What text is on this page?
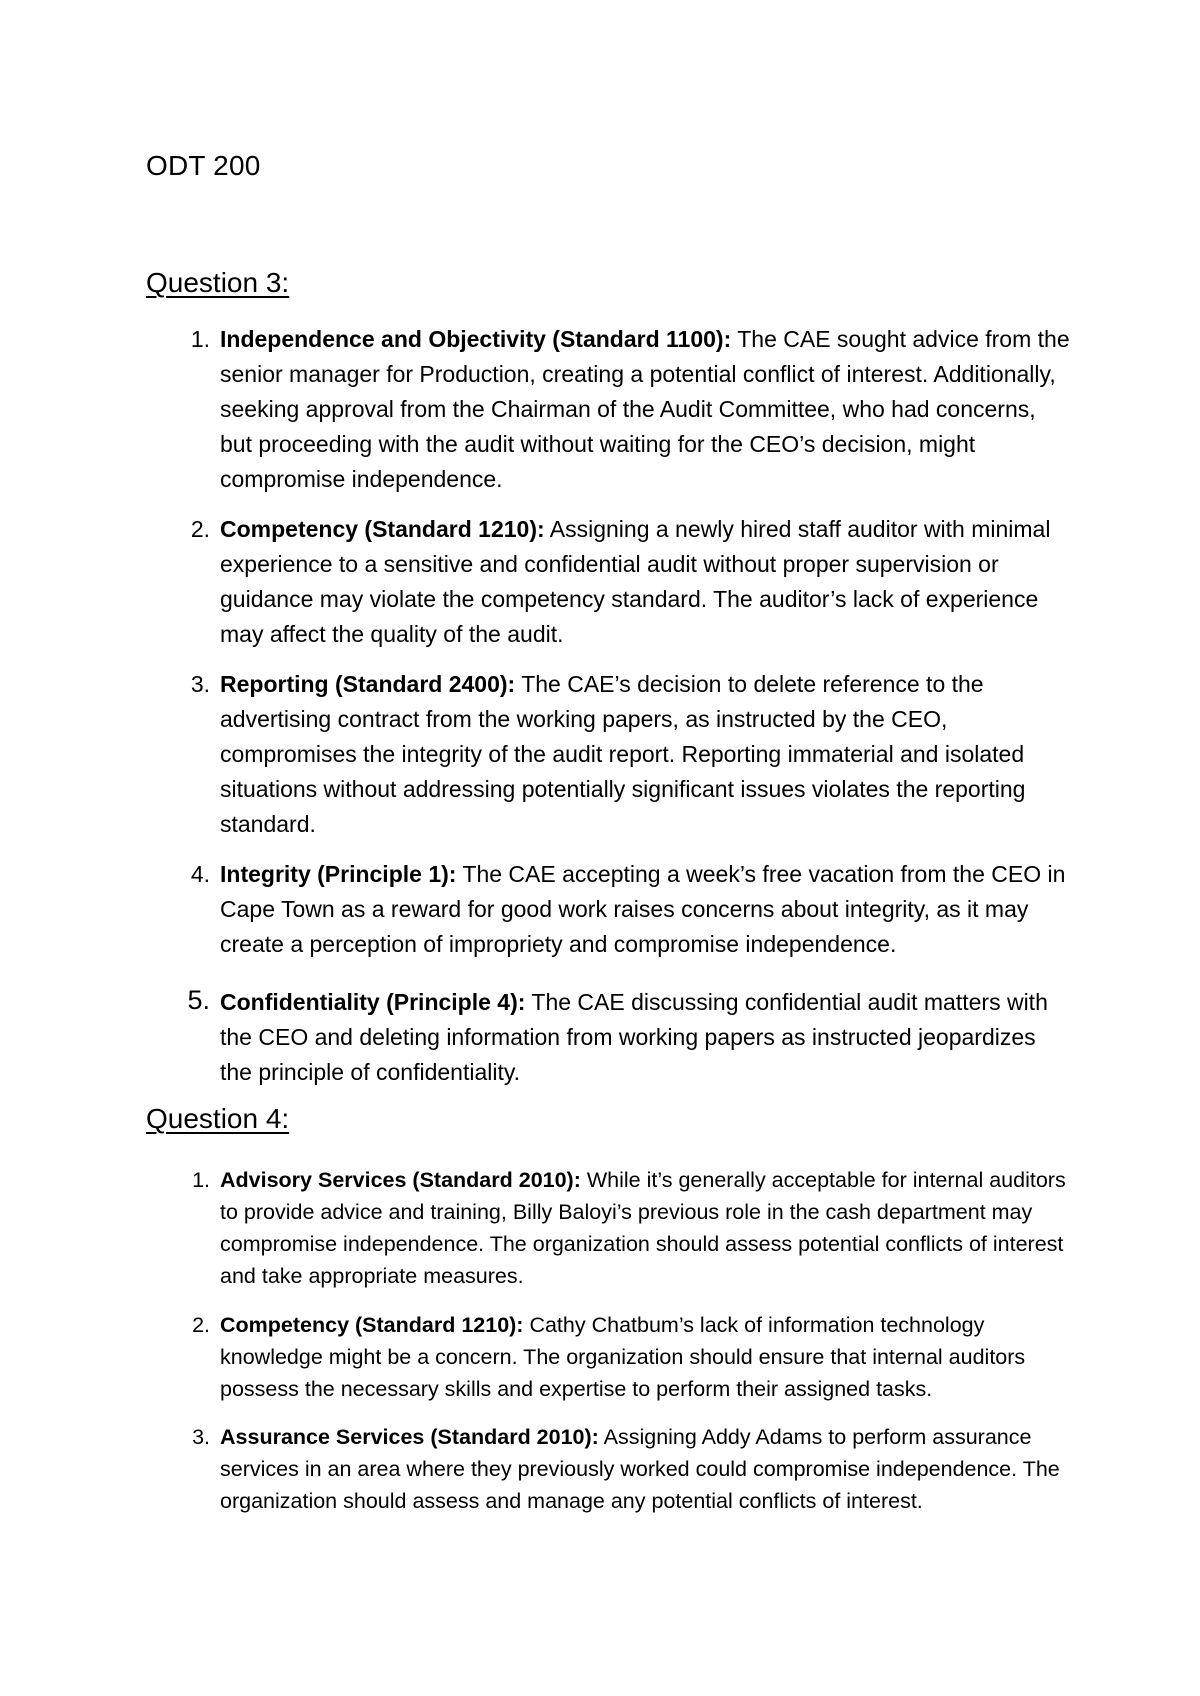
ODT 200
Question 3:
1. Independence and Objectivity (Standard 1100): The CAE sought advice from the senior manager for Production, creating a potential conflict of interest. Additionally, seeking approval from the Chairman of the Audit Committee, who had concerns, but proceeding with the audit without waiting for the CEO’s decision, might compromise independence.

2. Competency (Standard 1210): Assigning a newly hired staff auditor with minimal experience to a sensitive and confidential audit without proper supervision or guidance may violate the competency standard. The auditor’s lack of experience may affect the quality of the audit.

3. Reporting (Standard 2400): The CAE’s decision to delete reference to the advertising contract from the working papers, as instructed by the CEO, compromises the integrity of the audit report. Reporting immaterial and isolated situations without addressing potentially significant issues violates the reporting standard.

4. Integrity (Principle 1): The CAE accepting a week’s free vacation from the CEO in Cape Town as a reward for good work raises concerns about integrity, as it may create a perception of impropriety and compromise independence.

5. Confidentiality (Principle 4): The CAE discussing confidential audit matters with the CEO and deleting information from working papers as instructed jeopardizes the principle of confidentiality.

Question 4:
1. Advisory Services (Standard 2010): While it’s generally acceptable for internal auditors to provide advice and training, Billy Baloyi’s previous role in the cash department may compromise independence. The organization should assess potential conflicts of interest and take appropriate measures.

2. Competency (Standard 1210): Cathy Chatbum’s lack of information technology knowledge might be a concern. The organization should ensure that internal auditors possess the necessary skills and expertise to perform their assigned tasks.

3. Assurance Services (Standard 2010): Assigning Addy Adams to perform assurance services in an area where they previously worked could compromise independence. The organization should assess and manage any potential conflicts of interest.
